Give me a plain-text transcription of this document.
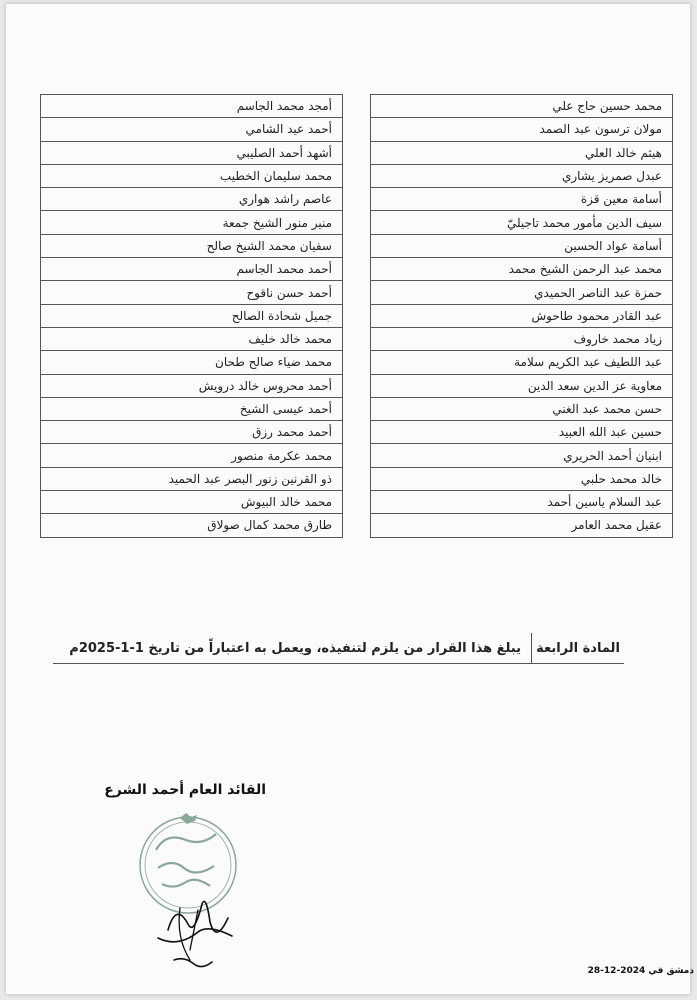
محمد حسين حاج علي
مولان ترسون عبد الصمد
هيثم خالد العلي
عبدل صمريز يشاري
أسامة معين قزة
سيف الدين مأمور محمد تاجيليّ
أسامة عواد الحسين
محمد عبد الرحمن الشيخ محمد
حمزة عبد الناصر الحميدي
عبد القادر محمود طاحوش
زياد محمد خاروف
عبد اللطيف عبد الكريم سلامة
معاوية عز الدين سعد الدين
حسن محمد عبد الغني
حسين عبد الله العبيد
ابنيان أحمد الحريري
خالد محمد حلبي
عبد السلام ياسين أحمد
عقيل محمد العامر
أمجد محمد الجاسم
أحمد عيد الشامي
أشهد أحمد الصليبي
محمد سليمان الخطيب
عاصم راشد هواري
منير منور الشيخ جمعة
سفيان محمد الشيخ صالح
أحمد محمد الجاسم
أحمد حسن ناقوح
جميل شحادة الصالح
محمد خالد خليف
محمد ضياء صالح طحان
أحمد محروس خالد درويش
أحمد عيسى الشيخ
أحمد محمد رزق
محمد عكرمة منصور
ذو القرنين زنور البصر عبد الحميد
محمد خالد البيوش
طارق محمد كمال صولاق
المادة الرابعة
يبلغ هذا القرار من يلزم لتنفيذه، ويعمل به اعتباراً من تاريخ 1-1-2025م
القائد العام أحمد الشرع
دمشق في 2024-12-28
